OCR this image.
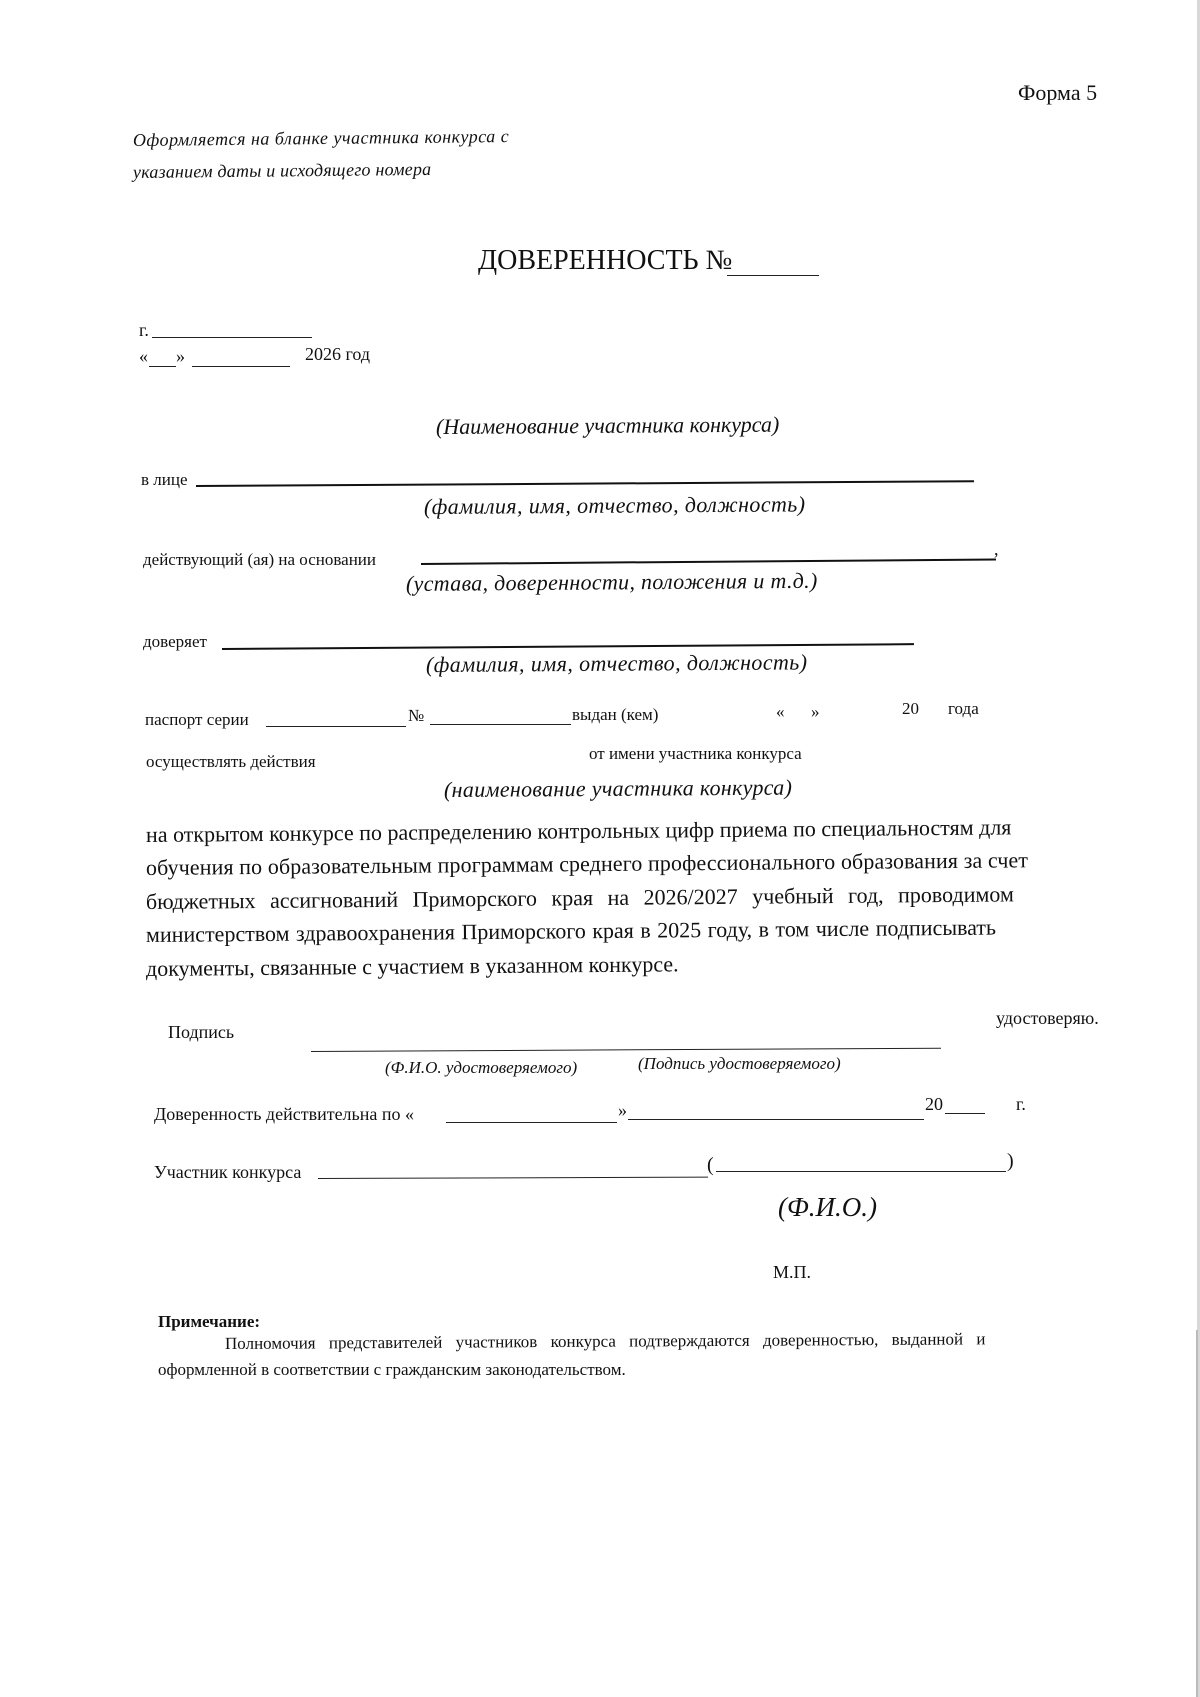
Форма 5
Оформляется на бланке участника конкурса с
указанием даты и исходящего номера
ДОВЕРЕННОСТЬ №
г.
« »	2026 год
(Наименование участника конкурса)
в лице
(фамилия, имя, отчество, должность)
действующий (ая) на основании
,
(устава, доверенности, положения и т.д.)
доверяет
(фамилия, имя, отчество, должность)
паспорт серии	№	выдан (кем)	« »	20 года
осуществлять действия	от имени участника конкурса
(наименование участника конкурса)
на открытом конкурсе по распределению контрольных цифр приема по специальностям для
обучения по образовательным программам среднего профессионального образования за счет
бюджетных ассигнований Приморского края на 2026/2027 учебный год, проводимом
министерством здравоохранения Приморского края в 2025 году, в том числе подписывать
документы, связанные с участием в указанном конкурсе.
Подпись
удостоверяю.
(Ф.И.О. удостоверяемого)	(Подпись удостоверяемого)
Доверенность действительна по «	»	20	г.
Участник конкурса	(	)
(Ф.И.О.)
М.П.
Примечание:
Полномочия представителей участников конкурса подтверждаются доверенностью, выданной и
оформленной в соответствии с гражданским законодательством.
